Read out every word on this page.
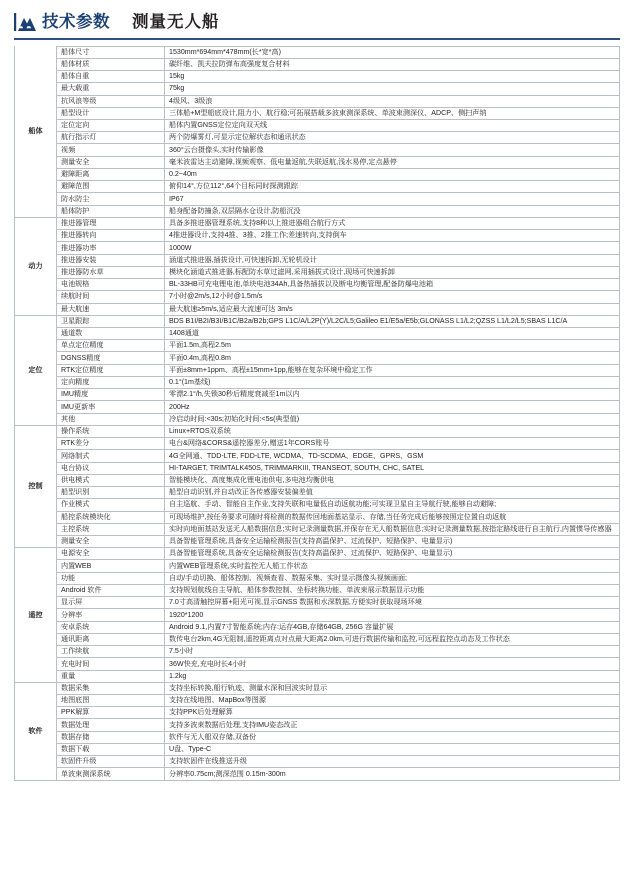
技术参数 测量无人船
船体	船体尺寸	1530mm*694mm*478mm(长*宽*高)
	船体材质	碳纤维、凯夫拉防弹布高强度复合材料
	船体自重	15kg
	最大载重	75kg
	抗风浪等级	4级风、3级浪
	船型设计	三体船+M型船底设计,阻力小、航行稳;可拓展搭载多波束测深系统、单波束测深仪、ADCP、侧扫声纳
	定位定向	船体内置GNSS定位定向双天线
	航行指示灯	两个防爆雾灯,可显示定位解状态和通讯状态
	视频	360°云台摄像头,实时传输影像
	测量安全	毫米波雷达主动避障,视频观察、低电量返航,失联返航,浅水易停,定点悬停
	避障距离	0.2~40m
	避障范围	俯仰14°,方位112°,64个目标同时探测跟踪
	防水防尘	IP67
	船体防护	船身配备防撞条,双层隔水仓设计,防船沉没
动力	推进器管理	具备多推进器管理系统,支持8种以上推进器组合航行方式
	推进器转向	4推进器设计,支持4推、3推、2推工作;差速转向,支持倒车
	推进器功率	1000W
	推进器安装	涵道式推进器,插拔设计,可快速拆卸,无轮机设计
	推进器防水草	模块化涵道式推进器,标配防水草过滤网,采用插拔式设计,现场可快速拆卸
	电池规格	BL-33HB可充电锂电池,单块电池34Ah,具备热插拔以及断电均衡管理,配备防爆电池箱
	续航时间	7小时@2m/s,12小时@1.5m/s
	最大航速	最大航速≥5m/s,适应最大流速可达 3m/s
定位	卫星跟踪	BDS B1I/B2I/B3I/B1C/B2a/B2b;GPS L1C/A/L2P(Y)/L2C/L5;Galileo E1/E5a/E5b;GLONASS L1/L2;QZSS L1/L2/L5;SBAS L1C/A
	通道数	1408通道
	单点定位精度	平面1.5m,高程2.5m
	DGNSS精度	平面0.4m,高程0.8m
	RTK定位精度	平面±8mm+1ppm、高程±15mm+1pp,能够在复杂环境中稳定工作
	定向精度	0.1°(1m基线)
	IMU精度	零漂2.1°/h,失锁30秒后精度衰减至1m以内
	IMU更新率	200Hz
	其他	冷启动时间:<30s;初始化时间:<5s(典型值)
控制	操作系统	Linux+RTOS双系统
	RTK差分	电台&网络&CORS&遥控器差分,赠送1年CORS账号
	网络制式	4G全网通、TDD-LTE, FDD-LTE, WCDMA、TD-SCDMA、EDGE、GPRS、GSM
	电台协议	HI-TARGET, TRIMTALK450S, TRIMMARKIII, TRANSEOT, SOUTH, CHC, SATEL
	供电模式	智能模块化、高度集成化锂电池供电,多电池均衡供电
	船型识别	船型自动识别,并自动改正各传感器安装偏差值
	作业模式	自主巡航、手动、智能自主作业,支持失联和电量低自动返航功能;可实现卫星自主导航行驶,能够自动避障;
	船控系统模块化	可现场维护,按任务要求可随时将检测的数据传回地面基站显示、存储,当任务完成后能够按照定位置自动返航
	主控系统	实时向地面基站发送无人船数据信息;实时记录测量数据,并保存在无人船数据信息;实时记录测量数据,按指定路线进行自主航行,内置惯导传感器
	测量安全	具备智能管理系统,具备安全运输检测报告(支持高温保护、过流保护、短路保护、电量显示)
遥控	电源安全	具备智能管理系统,具备安全运输检测报告(支持高温保护、过流保护、短路保护、电量显示)
	内置WEB	内置WEB管理系统,实时监控无人船工作状态
	功能	自动/手动切换、船体控制、视频查看、数据采集、实时显示摄像头视频画面;
	Android 软件	支持规划航线自主导航、船体参数控制、坐标转换功能、单波束展示数据显示功能
	显示屏	7.0寸高清触控屏幕+阳光可视,显示GNSS 数据和水深数据,方便实时获取现场环境
	分辨率	1920*1200
	安卓系统	Android 9.1,内置7寸智能系统;内存:运存4GB,存储64GB, 256G 容量扩展
	通讯距离	数传电台2km,4G无阻制,遥控距离点对点最大距离2.0km,可进行数据传输和监控,可远程监控点动态及工作状态
	工作续航	7.5小时
	充电时间	36W快充,充电时长4小时
	重量	1.2kg
软件	数据采集	支持坐标转换,船行轨迹、测量水深和回波实时显示
	地图底图	支持在线地图、MapBox等图源
	PPK解算	支持PPK后处理解算
	数据处理	支持多波束数据后处理,支持IMU姿态改正
	数据存储	软件与无人船双存储,双备份
	数据下载	U盘、Type-C
	软固件升级	支持软固件在线推送升级
	单波束测深系统	分辨率0.75cm;测深范围 0.15m-300m
